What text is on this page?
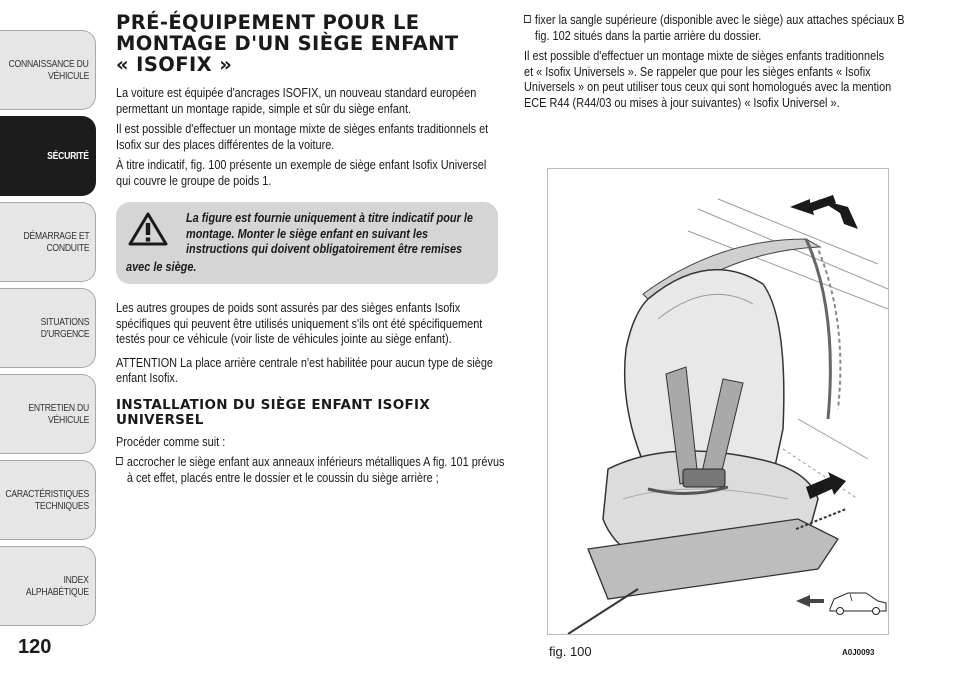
CONNAISSANCE DU
VÉHICULE
SÉCURITÉ
DÉMARRAGE ET
CONDUITE
SITUATIONS
D'URGENCE
ENTRETIEN DU
VÉHICULE
CARACTÉRISTIQUES
TECHNIQUES
INDEX
ALPHABÉTIQUE
120
PRÉ-ÉQUIPEMENT POUR LE
MONTAGE D'UN SIÈGE ENFANT
« ISOFIX »
La voiture est équipée d'ancrages ISOFIX, un nouveau standard européen permettant un montage rapide, simple et sûr du siège enfant.
Il est possible d'effectuer un montage mixte de sièges enfants traditionnels et Isofix sur des places différentes de la voiture.
À titre indicatif, fig. 100 présente un exemple de siège enfant Isofix Universel qui couvre le groupe de poids 1.
La figure est fournie uniquement à titre indicatif pour le montage. Monter le siège enfant en suivant les instructions qui doivent obligatoirement être remises
avec le siège.
Les autres groupes de poids sont assurés par des sièges enfants Isofix spécifiques qui peuvent être utilisés uniquement s'ils ont été spécifiquement testés pour ce véhicule (voir liste de véhicules jointe au siège enfant).
ATTENTION La place arrière centrale n'est habilitée pour aucun type de siège enfant Isofix.
INSTALLATION DU SIÈGE ENFANT ISOFIX
UNIVERSEL
Procéder comme suit :
accrocher le siège enfant aux anneaux inférieurs métalliques A fig. 101 prévus à cet effet, placés entre le dossier et le coussin du siège arrière ;
fixer la sangle supérieure (disponible avec le siège) aux attaches spéciaux B fig. 102 situés dans la partie arrière du dossier.
Il est possible d'effectuer un montage mixte de sièges enfants traditionnels et « Isofix Universels ». Se rappeler que pour les sièges enfants « Isofix Universels » on peut utiliser tous ceux qui sont homologués avec la mention ECE R44 (R44/03 ou mises à jour suivantes) « Isofix Universel ».
fig. 100	A0J0093
